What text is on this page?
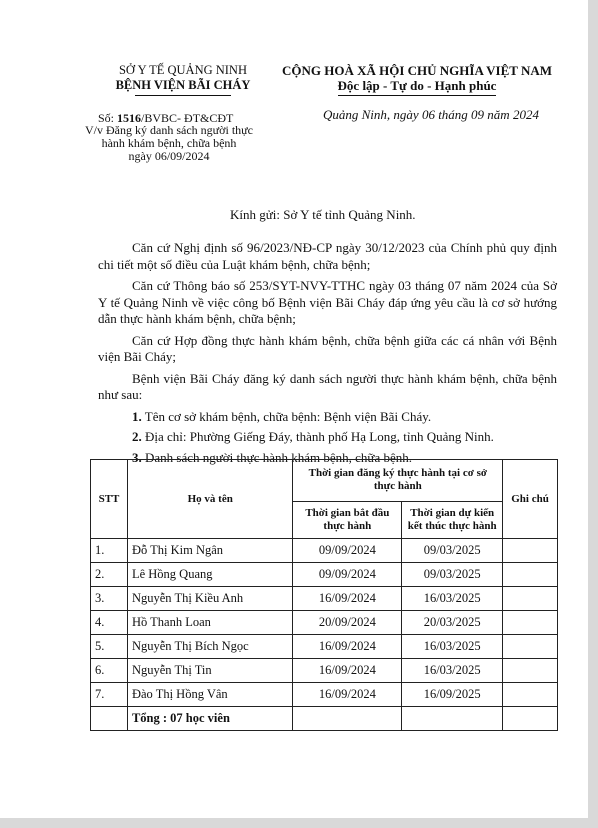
SỞ Y TẾ QUẢNG NINH
BỆNH VIỆN BÃI CHÁY
CỘNG HOÀ XÃ HỘI CHỦ NGHĨA VIỆT NAM
Độc lập - Tự do - Hạnh phúc
Quảng Ninh, ngày 06 tháng 09 năm 2024
Số: 1516/BVBC- ĐT&CĐT
V/v Đăng ký danh sách người thực
hành khám bệnh, chữa bệnh
ngày 06/09/2024
Kính gửi: Sở Y tế tỉnh Quảng Ninh.

Căn cứ Nghị định số 96/2023/NĐ-CP ngày 30/12/2023 của Chính phủ quy định chi tiết một số điều của Luật khám bệnh, chữa bệnh;

Căn cứ Thông báo số 253/SYT-NVY-TTHC ngày 03 tháng 07 năm 2024 của Sở Y tế Quảng Ninh về việc công bố Bệnh viện Bãi Cháy đáp ứng yêu cầu là cơ sở hướng dẫn thực hành khám bệnh, chữa bệnh;

Căn cứ Hợp đồng thực hành khám bệnh, chữa bệnh giữa các cá nhân với Bệnh viện Bãi Cháy;

Bệnh viện Bãi Cháy đăng ký danh sách người thực hành khám bệnh, chữa bệnh như sau:

1. Tên cơ sở khám bệnh, chữa bệnh: Bệnh viện Bãi Cháy.

2. Địa chỉ: Phường Giếng Đáy, thành phố Hạ Long, tỉnh Quảng Ninh.

3. Danh sách người thực hành khám bệnh, chữa bệnh.

STT	Họ và tên	Thời gian đăng ký thực hành tại cơ sở thực hành		Ghi chú
		Thời gian bắt đầu thực hành	Thời gian dự kiến kết thúc thực hành	
1.	Đỗ Thị Kim Ngân	09/09/2024	09/03/2025	
2.	Lê Hồng Quang	09/09/2024	09/03/2025	
3.	Nguyễn Thị Kiều Anh	16/09/2024	16/03/2025	
4.	Hồ Thanh Loan	20/09/2024	20/03/2025	
5.	Nguyễn Thị Bích Ngọc	16/09/2024	16/03/2025	
6.	Nguyễn Thị Tin	16/09/2024	16/03/2025	
7.	Đào Thị Hồng Vân	16/09/2024	16/09/2025	
	Tổng : 07 học viên			
